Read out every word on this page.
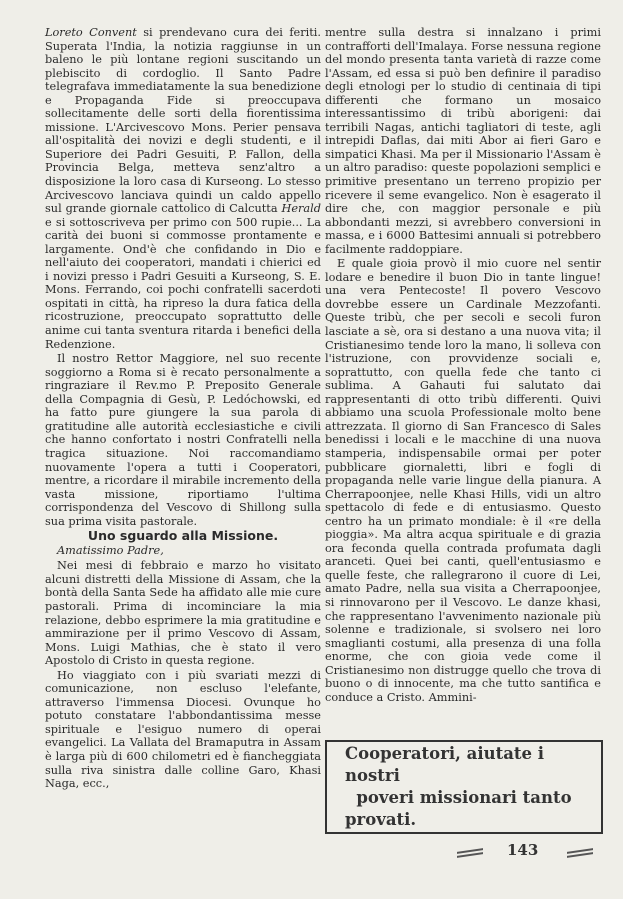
Loreto Convent si prendevano cura dei feriti. Superata l'India, la notizia raggiunse in un baleno le più lontane regioni suscitando un plebiscito di cordoglio. Il Santo Padre telegrafava immediatamente la sua benedizione e Propaganda Fide si preoccupava sollecitamente delle sorti della fiorentissima missione. L'Arcivescovo Mons. Perier pensava all'ospitalità dei novizi e degli studenti, e il Superiore dei Padri Gesuiti, P. Fallon, della Provincia Belga, metteva senz'altro a disposizione la loro casa di Kurseong. Lo stesso Arcivescovo lanciava quindi un caldo appello sul grande giornale cattolico di Calcutta Herald e si sottoscriveva per primo con 500 rupie... La carità dei buoni si commosse prontamente e largamente. Ond'è che confidando in Dio e nell'aiuto dei cooperatori, mandati i chierici ed i novizi presso i Padri Gesuiti a Kurseong, S. E. Mons. Ferrando, coi pochi confratelli sacerdoti ospitati in città, ha ripreso la dura fatica della ricostruzione, preoccupato soprattutto delle anime cui tanta sventura ritarda i benefici della Redenzione.

Il nostro Rettor Maggiore, nel suo recente soggiorno a Roma si è recato personalmente a ringraziare il Rev.mo P. Preposito Generale della Compagnia di Gesù, P. Ledóchowski, ed ha fatto pure giungere la sua parola di gratitudine alle autorità ecclesiastiche e civili che hanno confortato i nostri Confratelli nella tragica situazione. Noi raccomandiamo nuovamente l'opera a tutti i Cooperatori, mentre, a ricordare il mirabile incremento della vasta missione, riportiamo l'ultima corrispondenza del Vescovo di Shillong sulla sua prima visita pastorale.

Uno sguardo alla Missione.

Amatissimo Padre,

Nei mesi di febbraio e marzo ho visitato alcuni distretti della Missione di Assam, che la bontà della Santa Sede ha affidato alle mie cure pastorali. Prima di incominciare la mia relazione, debbo esprimere la mia gratitudine e ammirazione per il primo Vescovo di Assam, Mons. Luigi Mathias, che è stato il vero Apostolo di Cristo in questa regione.

Ho viaggiato con i più svariati mezzi di comunicazione, non escluso l'elefante, attraverso l'immensa Diocesi. Ovunque ho potuto constatare l'abbondantissima messe spirituale e l'esiguo numero di operai evangelici. La Vallata del Bramaputra in Assam è larga più di 600 chilometri ed è fiancheggiata sulla riva sinistra dalle colline Garo, Khasi Naga, ecc.,

mentre sulla destra si innalzano i primi contrafforti dell'Imalaya. Forse nessuna regione del mondo presenta tanta varietà di razze come l'Assam, ed essa si può ben definire il paradiso degli etnologi per lo studio di centinaia di tipi differenti che formano un mosaico interessantissimo di tribù aborigeni: dai terribili Nagas, antichi tagliatori di teste, agli intrepidi Daflas, dai miti Abor ai fieri Garo e simpatici Khasi. Ma per il Missionario l'Assam è un altro paradiso: queste popolazioni semplici e primitive presentano un terreno propizio per ricevere il seme evangelico. Non è esagerato il dire che, con maggior personale e più abbondanti mezzi, si avrebbero conversioni in massa, e i 6000 Battesimi annuali si potrebbero facilmente raddoppiare.

E quale gioia provò il mio cuore nel sentir lodare e benedire il buon Dio in tante lingue! una vera Pentecoste! Il povero Vescovo dovrebbe essere un Cardinale Mezzofanti. Queste tribù, che per secoli e secoli furon lasciate a sè, ora si destano a una nuova vita; il Cristianesimo tende loro la mano, li solleva con l'istruzione, con provvidenze sociali e, soprattutto, con quella fede che tanto ci sublima. A Gahauti fui salutato dai rappresentanti di otto tribù differenti. Quivi abbiamo una scuola Professionale molto bene attrezzata. Il giorno di San Francesco di Sales benedissi i locali e le macchine di una nuova stamperia, indispensabile ormai per poter pubblicare giornaletti, libri e fogli di propaganda nelle varie lingue della pianura. A Cherrapoonjee, nelle Khasi Hills, vidi un altro spettacolo di fede e di entusiasmo. Questo centro ha un primato mondiale: è il «re della pioggia». Ma altra acqua spirituale e di grazia ora feconda quella contrada profumata dagli aranceti. Quei bei canti, quell'entusiasmo e quelle feste, che rallegrarono il cuore di Lei, amato Padre, nella sua visita a Cherrapoonjee, si rinnovarono per il Vescovo. Le danze khasi, che rappresentano l'avvenimento nazionale più solenne e tradizionale, si svolsero nei loro smaglianti costumi, alla presenza di una folla enorme, che con gioia vede come il Cristianesimo non distrugge quello che trova di buono o di innocente, ma che tutto santifica e conduce a Cristo. Ammini-

Cooperatori, aiutate i nostri
poveri missionari tanto
provati.
143
